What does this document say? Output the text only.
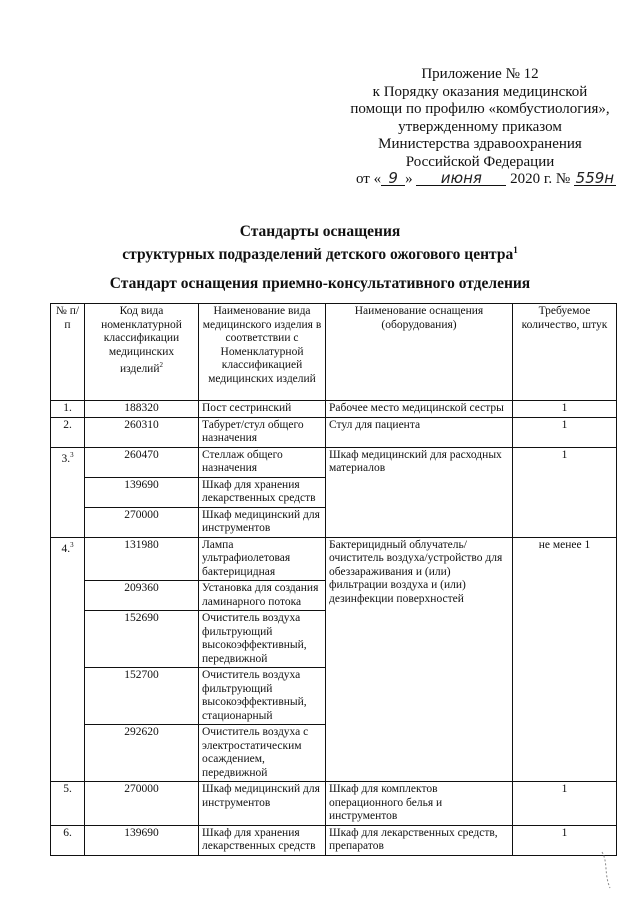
Приложение № 12
к Порядку оказания медицинской
помощи по профилю «комбустиология»,
утвержденному приказом
Министерства здравоохранения
Российской Федерации
от « 9 » июня 2020 г. № 559н
Стандарты оснащения
структурных подразделений детского ожогового центра$^1$
Стандарт оснащения приемно-консультативного отделения
№ п/п	Код вида номенклатурной классификации медицинских изделий$^2$	Наименование вида медицинского изделия в соответствии с Номенклатурной классификацией медицинских изделий	Наименование оснащения (оборудования)	Требуемое количество, штук
1.	188320	Пост сестринский	Рабочее место медицинской сестры	1
2.	260310	Табурет/стул общего назначения	Стул для пациента	1
3.$^3$	260470	Стеллаж общего назначения	Шкаф медицинский для расходных материалов	1
	139690	Шкаф для хранения лекарственных средств		
	270000	Шкаф медицинский для инструментов		
4.$^3$	131980	Лампа ультрафиолетовая бактерицидная	Бактерицидный облучатель/очиститель воздуха/устройство для обеззараживания и (или) фильтрации воздуха и (или) дезинфекции поверхностей	не менее 1
	209360	Установка для создания ламинарного потока		
	152690	Очиститель воздуха фильтрующий высокоэффективный, передвижной		
	152700	Очиститель воздуха фильтрующий высокоэффективный, стационарный		
	292620	Очиститель воздуха с электростатическим осаждением, передвижной		
5.	270000	Шкаф медицинский для инструментов	Шкаф для комплектов операционного белья и инструментов	1
6.	139690	Шкаф для хранения лекарственных средств	Шкаф для лекарственных средств, препаратов	1
